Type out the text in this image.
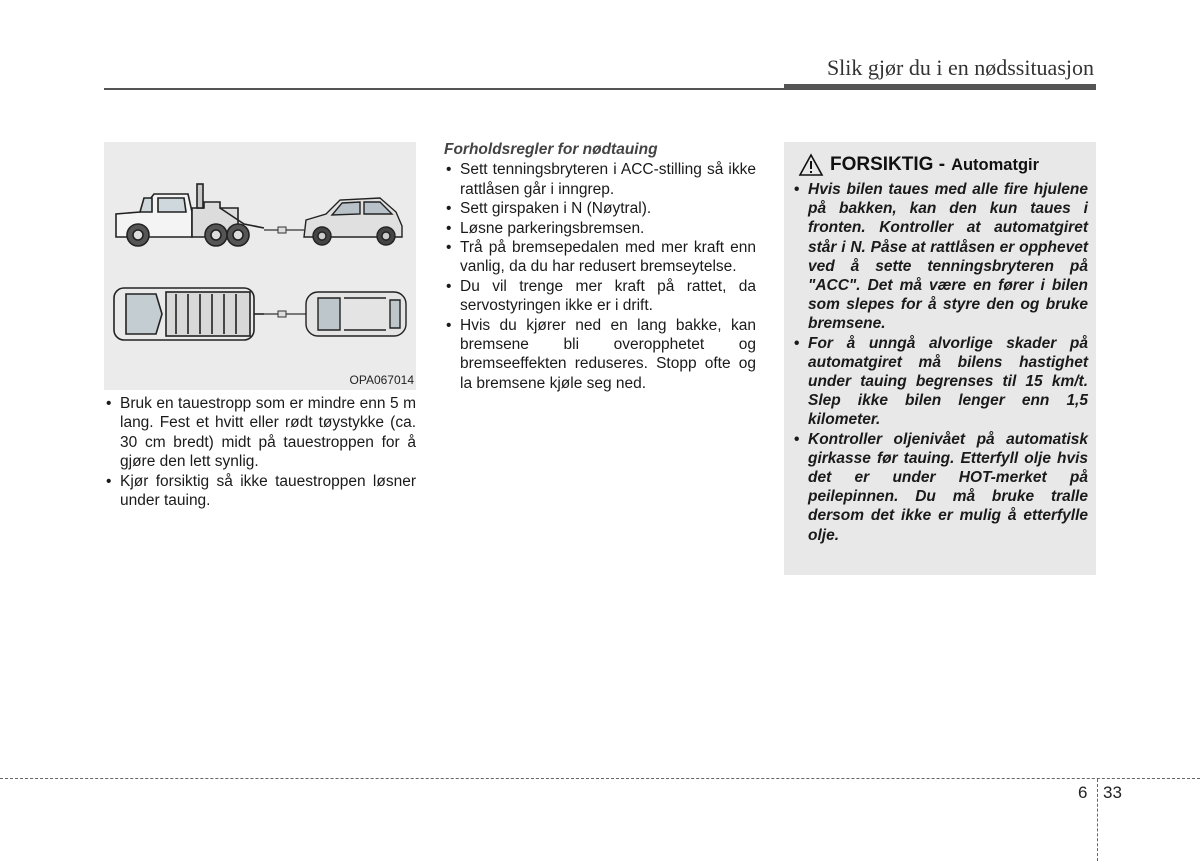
Slik gjør du i en nødssituasjon
OPA067014
• Bruk en tauestropp som er mindre enn 5 m lang. Fest et hvitt eller rødt tøystykke (ca. 30 cm bredt) midt på tauestroppen for å gjøre den lett synlig.
• Kjør forsiktig så ikke tauestroppen løsner under tauing.
Forholdsregler for nødtauing
• Sett tenningsbryteren i ACC-stilling så ikke rattlåsen går i inngrep.
• Sett girspaken i N (Nøytral).
• Løsne parkeringsbremsen.
• Trå på bremsepedalen med mer kraft enn vanlig, da du har redusert bremseytelse.
• Du vil trenge mer kraft på rattet, da servostyringen ikke er i drift.
• Hvis du kjører ned en lang bakke, kan bremsene bli overopphetet og bremseeffekten reduseres. Stopp ofte og la bremsene kjøle seg ned.
FORSIKTIG - Automatgir
• Hvis bilen taues med alle fire hjulene på bakken, kan den kun taues i fronten. Kontroller at automatgiret står i N. Påse at rattlåsen er opphevet ved å sette tenningsbryteren på "ACC". Det må være en fører i bilen som slepes for å styre den og bruke bremsene.
• For å unngå alvorlige skader på automatgiret må bilens hastighet under tauing begrenses til 15 km/t. Slep ikke bilen lenger enn 1,5 kilometer.
• Kontroller oljenivået på automatisk girkasse før tauing. Etterfyll olje hvis det er under HOT-merket på peilepinnen. Du må bruke tralle dersom det ikke er mulig å etterfylle olje.
6 33
